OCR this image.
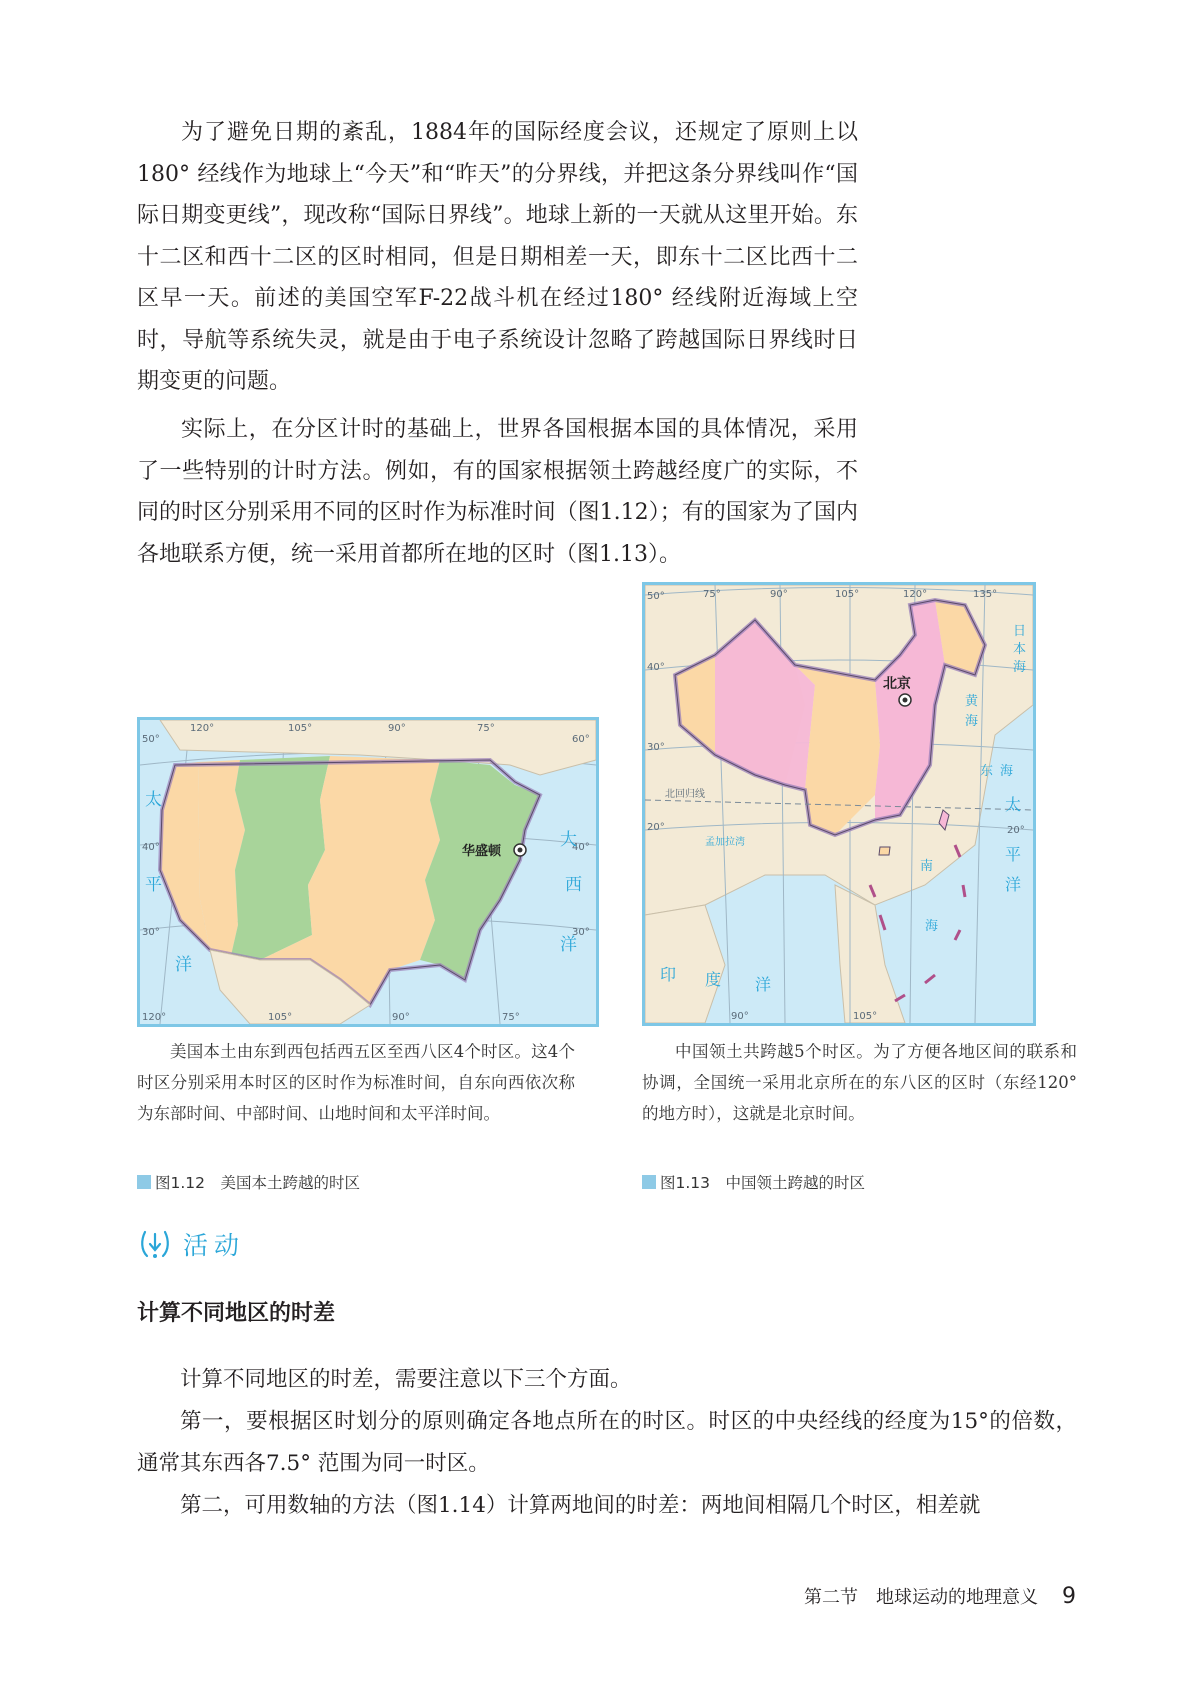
为了避免日期的紊乱，1884年的国际经度会议，还规定了原则上以180° 经线作为地球上“今天”和“昨天”的分界线，并把这条分界线叫作“国际日期变更线”，现改称“国际日界线”。地球上新的一天就从这里开始。东十二区和西十二区的区时相同，但是日期相差一天，即东十二区比西十二区早一天。前述的美国空军F-22战斗机在经过180° 经线附近海域上空时，导航等系统失灵，就是由于电子系统设计忽略了跨越国际日界线时日期变更的问题。

实际上，在分区计时的基础上，世界各国根据本国的具体情况，采用了一些特别的计时方法。例如，有的国家根据领土跨越经度广的实际，不同的时区分别采用不同的区时作为标准时间（图1.12）；有的国家为了国内各地联系方便，统一采用首都所在地的区时（图1.13）。

120°	105°	90°	75°
120°	105°	90°	75°
50°
40°
30°
60°
40°
30°
太
平
洋
大
西
洋
华盛顿
75°	90°	105°	120°	135°
90°	105°
50°
40°
30°
20°	20°
北回归线
孟加拉湾
日
本
海
黄
海
东 海
南
海
太
平
洋
印 度 洋
北京

美国本土由东到西包括西五区至西八区4个时区。这4个时区分别采用本时区的区时作为标准时间，自东向西依次称为东部时间、中部时间、山地时间和太平洋时间。

中国领土共跨越5个时区。为了方便各地区间的联系和协调，全国统一采用北京所在的东八区的区时（东经120°的地方时），这就是北京时间。

图1.12　美国本土跨越的时区	图1.13　中国领土跨越的时区
活动
计算不同地区的时差

计算不同地区的时差，需要注意以下三个方面。

第一，要根据区时划分的原则确定各地点所在的时区。时区的中央经线的经度为15°的倍数，通常其东西各7.5° 范围为同一时区。

第二，可用数轴的方法（图1.14）计算两地间的时差：两地间相隔几个时区，相差就

第二节　地球运动的地理意义 9
